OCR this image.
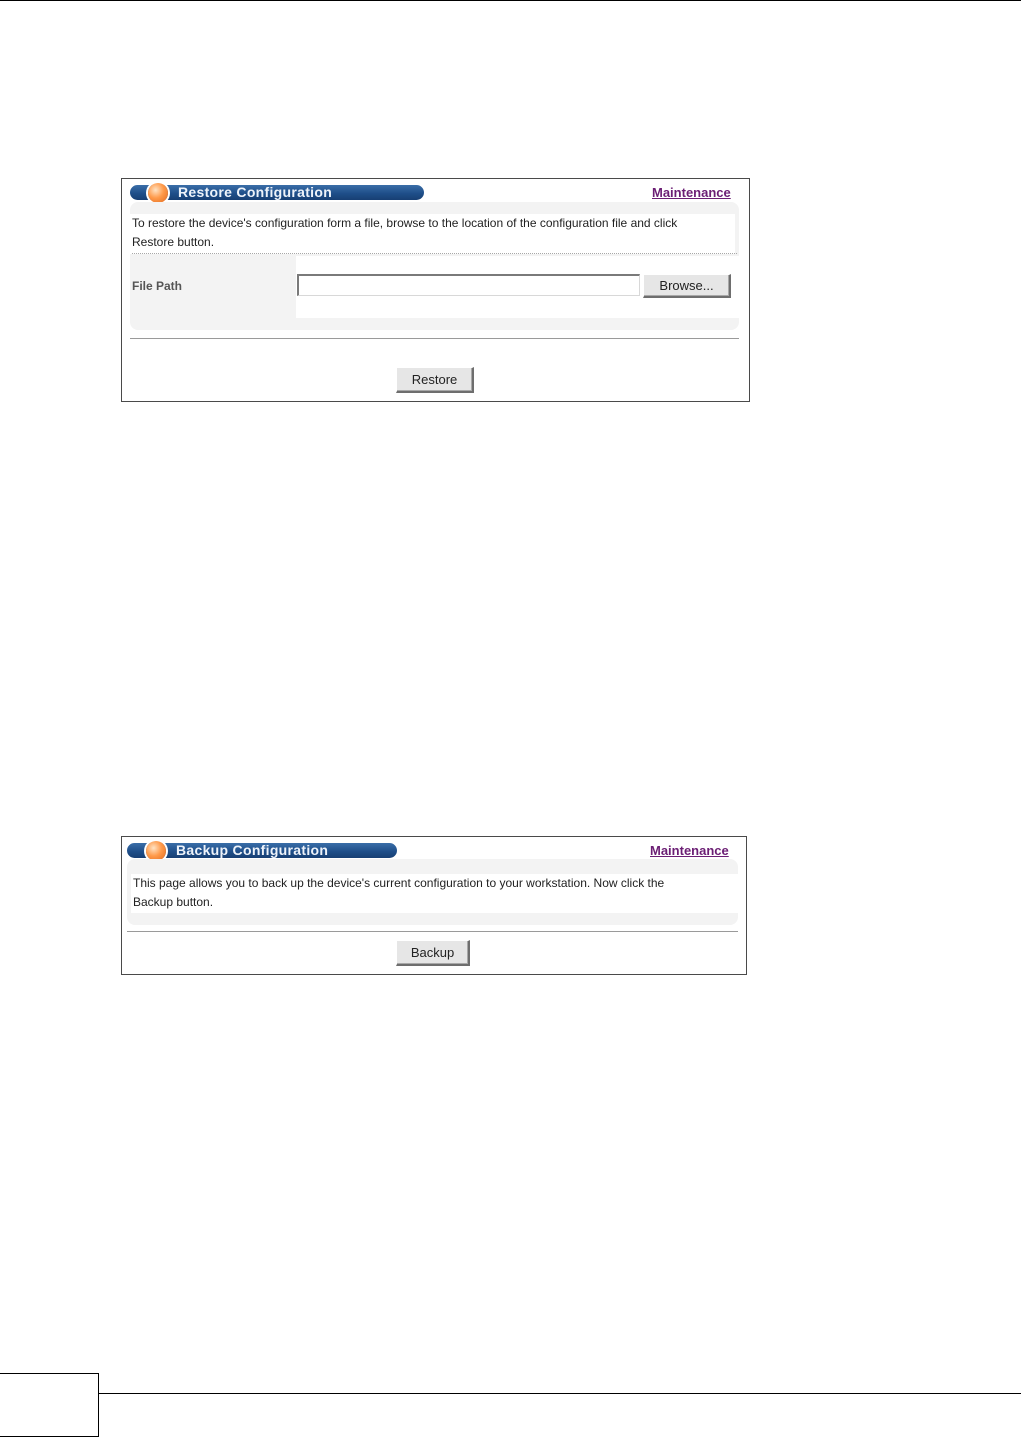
Restore Configuration	Maintenance
To restore the device's configuration form a file, browse to the location of the configuration file and click
Restore button.
File Path	Browse...
Restore
Backup Configuration	Maintenance
This page allows you to back up the device's current configuration to your workstation. Now click the
Backup button.
Backup
